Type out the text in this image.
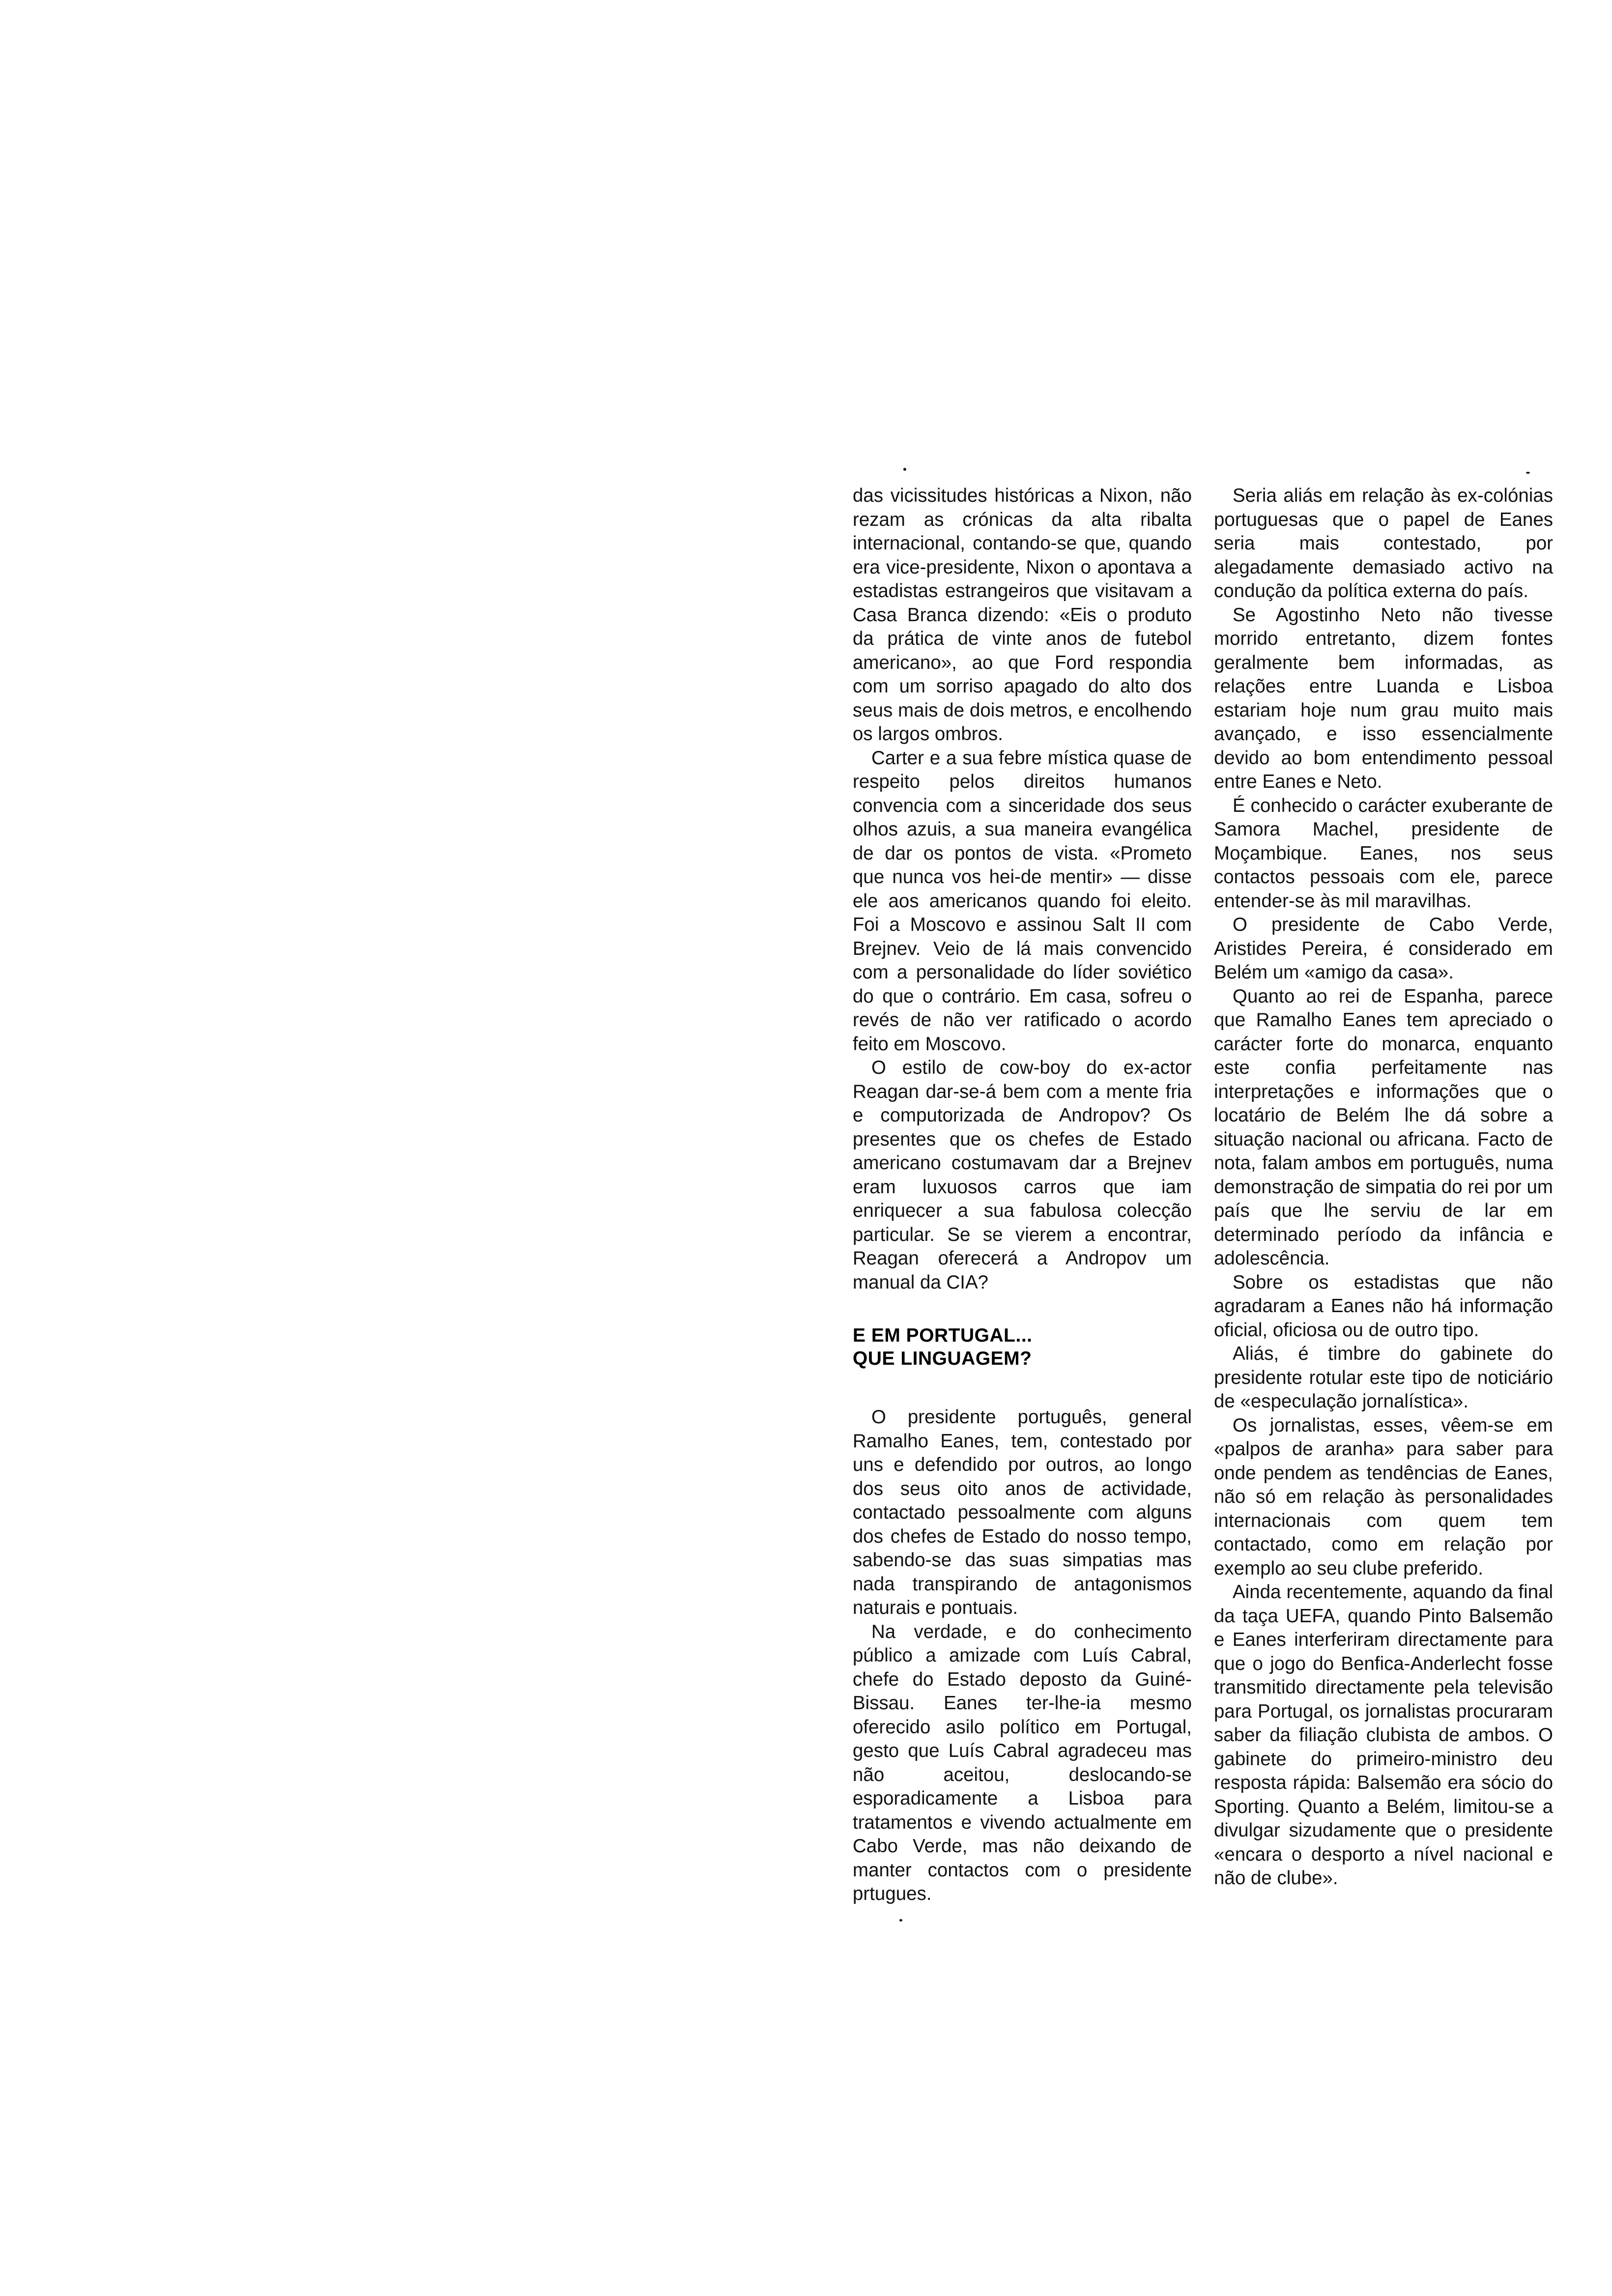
das vicissitudes históricas a Nixon, não rezam as crónicas da alta ribalta internacional, contando-se que, quando era vice-presidente, Nixon o apontava a estadistas estrangeiros que visitavam a Casa Branca dizendo: «Eis o produto da prática de vinte anos de futebol americano», ao que Ford respondia com um sorriso apagado do alto dos seus mais de dois metros, e encolhendo os largos ombros.

Carter e a sua febre mística quase de respeito pelos direitos humanos convencia com a sinceridade dos seus olhos azuis, a sua maneira evangélica de dar os pontos de vista. «Prometo que nunca vos hei-de mentir» — disse ele aos americanos quando foi eleito. Foi a Moscovo e assinou Salt II com Brejnev. Veio de lá mais convencido com a personalidade do líder soviético do que o contrário. Em casa, sofreu o revés de não ver ratificado o acordo feito em Moscovo.

O estilo de cow-boy do ex-actor Reagan dar-se-á bem com a mente fria e computorizada de Andropov? Os presentes que os chefes de Estado americano costumavam dar a Brejnev eram luxuosos carros que iam enriquecer a sua fabulosa colecção particular. Se se vierem a encontrar, Reagan oferecerá a Andropov um manual da CIA?

E EM PORTUGAL...
QUE LINGUAGEM?

O presidente português, general Ramalho Eanes, tem, contestado por uns e defendido por outros, ao longo dos seus oito anos de actividade, contactado pessoalmente com alguns dos chefes de Estado do nosso tempo, sabendo-se das suas simpatias mas nada transpirando de antagonismos naturais e pontuais.

Na verdade, e do conhecimento público a amizade com Luís Cabral, chefe do Estado deposto da Guiné-Bissau. Eanes ter-lhe-ia mesmo oferecido asilo político em Portugal, gesto que Luís Cabral agradeceu mas não aceitou, deslocando-se esporadicamente a Lisboa para tratamentos e vivendo actualmente em Cabo Verde, mas não deixando de manter contactos com o presidente prtugues.

Seria aliás em relação às ex-colónias portuguesas que o papel de Eanes seria mais contestado, por alegadamente demasiado activo na condução da política externa do país.

Se Agostinho Neto não tivesse morrido entretanto, dizem fontes geralmente bem informadas, as relações entre Luanda e Lisboa estariam hoje num grau muito mais avançado, e isso essencialmente devido ao bom entendimento pessoal entre Eanes e Neto.

É conhecido o carácter exuberante de Samora Machel, presidente de Moçambique. Eanes, nos seus contactos pessoais com ele, parece entender-se às mil maravilhas.

O presidente de Cabo Verde, Aristides Pereira, é considerado em Belém um «amigo da casa».

Quanto ao rei de Espanha, parece que Ramalho Eanes tem apreciado o carácter forte do monarca, enquanto este confia perfeitamente nas interpretações e informações que o locatário de Belém lhe dá sobre a situação nacional ou africana. Facto de nota, falam ambos em português, numa demonstração de simpatia do rei por um país que lhe serviu de lar em determinado período da infância e adolescência.

Sobre os estadistas que não agradaram a Eanes não há informação oficial, oficiosa ou de outro tipo.

Aliás, é timbre do gabinete do presidente rotular este tipo de noticiário de «especulação jornalística».

Os jornalistas, esses, vêem-se em «palpos de aranha» para saber para onde pendem as tendências de Eanes, não só em relação às personalidades internacionais com quem tem contactado, como em relação por exemplo ao seu clube preferido.

Ainda recentemente, aquando da final da taça UEFA, quando Pinto Balsemão e Eanes interferiram directamente para que o jogo do Benfica-Anderlecht fosse transmitido directamente pela televisão para Portugal, os jornalistas procuraram saber da filiação clubista de ambos. O gabinete do primeiro-ministro deu resposta rápida: Balsemão era sócio do Sporting. Quanto a Belém, limitou-se a divulgar sizudamente que o presidente «encara o desporto a nível nacional e não de clube».
